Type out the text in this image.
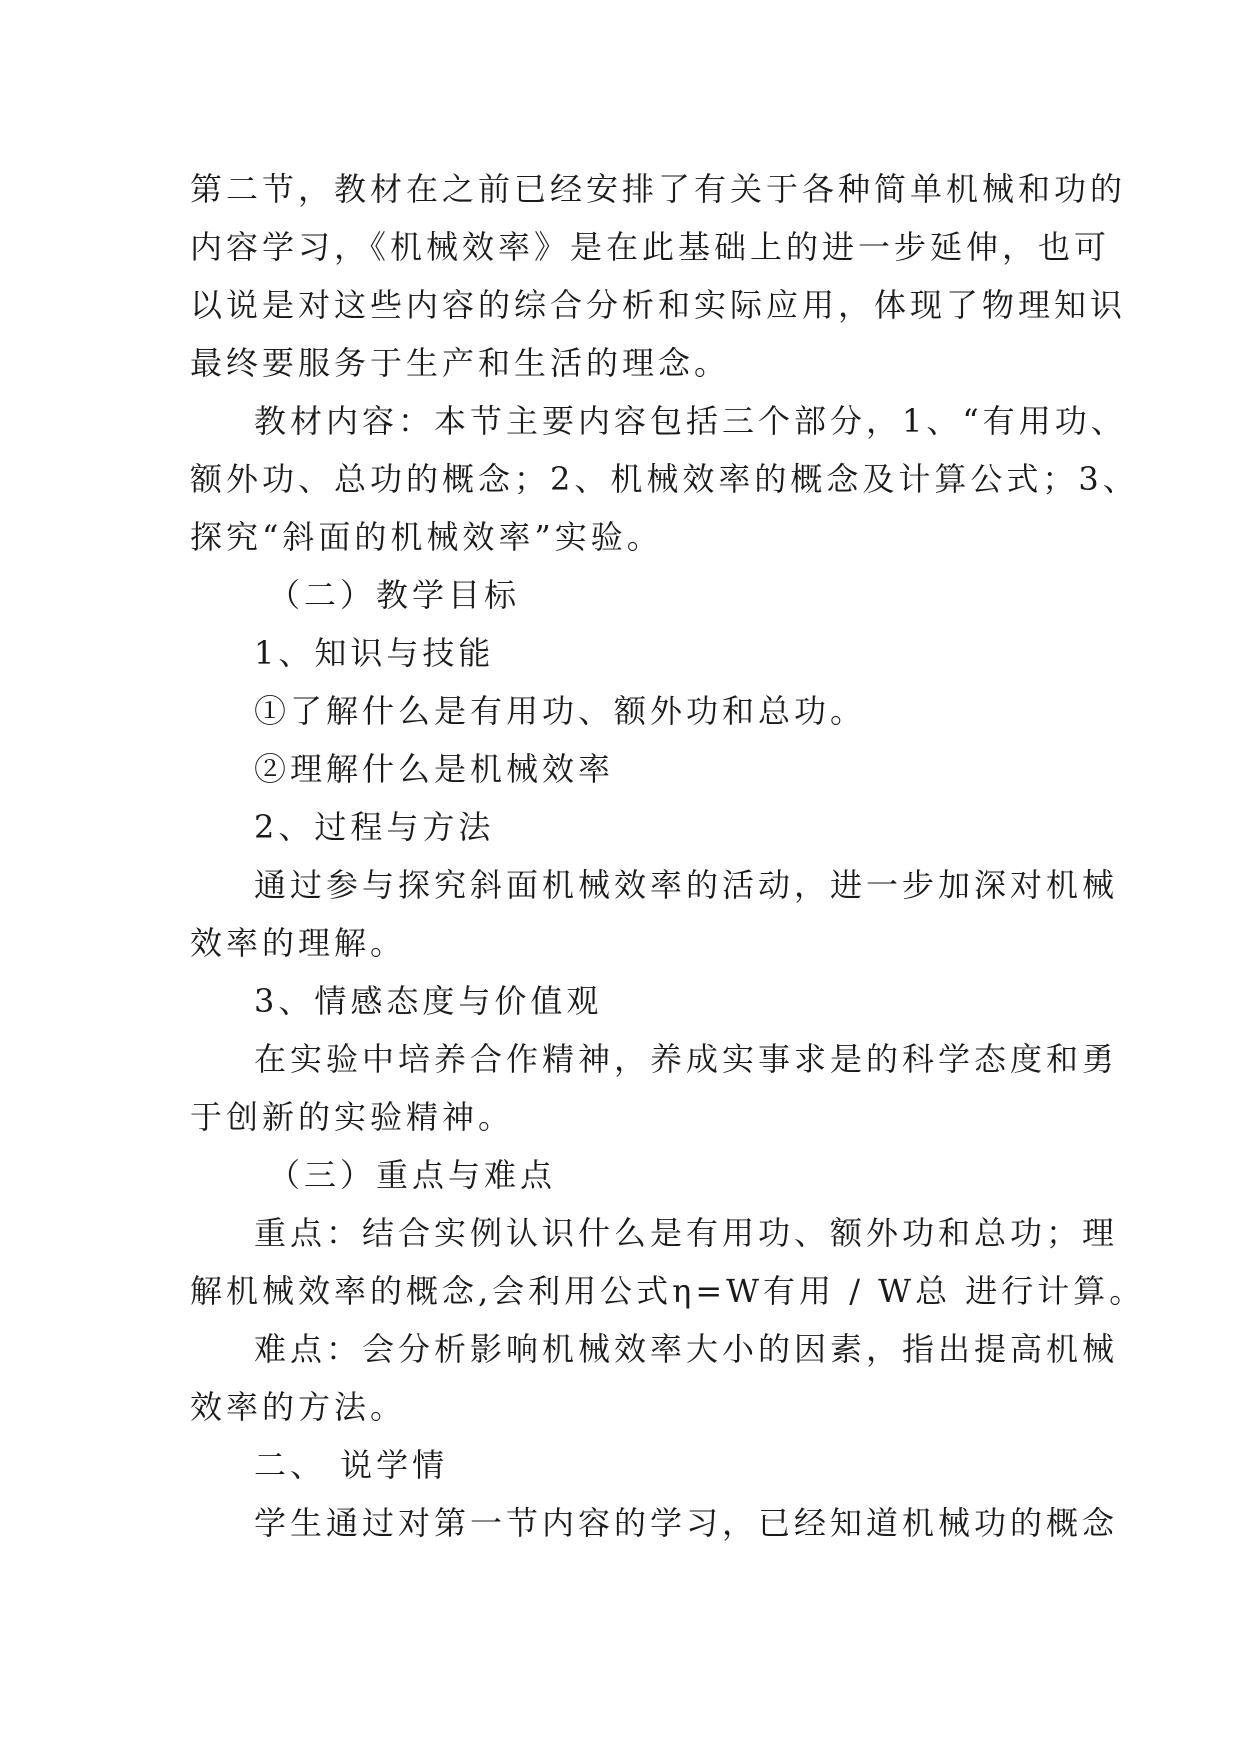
第二节，教材在之前已经安排了有关于各种简单机械和功的
内容学习，《机械效率》是在此基础上的进一步延伸，也可
以说是对这些内容的综合分析和实际应用，体现了物理知识
最终要服务于生产和生活的理念。
教材内容：本节主要内容包括三个部分，1、“有用功、
额外功、总功的概念；2、机械效率的概念及计算公式；3、
探究“斜面的机械效率”实验。
（二）教学目标
1、知识与技能
①了解什么是有用功、额外功和总功。
②理解什么是机械效率
2、过程与方法
通过参与探究斜面机械效率的活动，进一步加深对机械
效率的理解。
3、情感态度与价值观
在实验中培养合作精神，养成实事求是的科学态度和勇
于创新的实验精神。
（三）重点与难点
重点：结合实例认识什么是有用功、额外功和总功；理
解机械效率的概念,会利用公式η=W有用 / W总 进行计算。
难点：会分析影响机械效率大小的因素，指出提高机械
效率的方法。
二、 说学情
学生通过对第一节内容的学习，已经知道机械功的概念
